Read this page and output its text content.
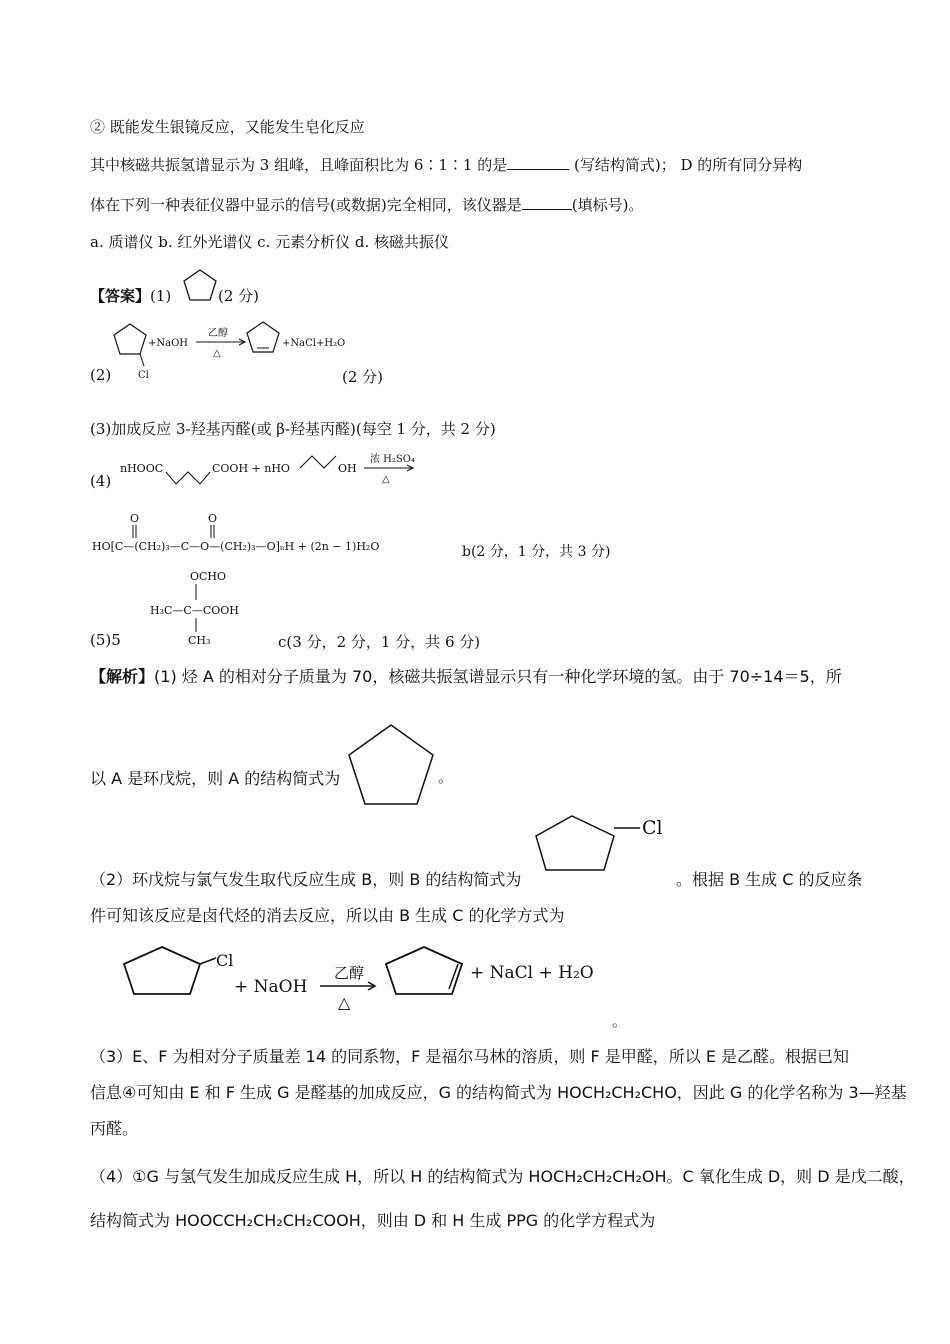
② 既能发生银镜反应，又能发生皂化反应
其中核磁共振氢谱显示为 3 组峰，且峰面积比为 6∶1∶1 的是	(写结构简式)； D 的所有同分异构
体在下列一种表征仪器中显示的信号(或数据)完全相同，该仪器是	(填标号)。
a. 质谱仪 b. 红外光谱仪 c. 元素分析仪 d. 核磁共振仪
【答案】(1)	(2 分)
Cl
+NaOH
乙醇
△
+NaCl+H₂O
(2)	(2 分)
(3)加成反应 3-羟基丙醛(或 β-羟基丙醛)(每空 1 分，共 2 分)
(4)
nHOOC	COOH + nHO	OH
浓 H₂SO₄
△
O	O
HO[C—(CH₂)₃—C—O—(CH₂)₃—O]ₙH + (2n − 1)H₂O	b(2 分，1 分，共 3 分)
OCHO
H₃C—C—COOH
CH₃
(5)5	c(3 分，2 分，1 分，共 6 分)
【解析】(1) 烃 A 的相对分子质量为 70，核磁共振氢谱显示只有一种化学环境的氢。由于 70÷14＝5，所
以 A 是环戊烷，则 A 的结构简式为	。
Cl
（2）环戊烷与氯气发生取代反应生成 B，则 B 的结构简式为	。根据 B 生成 C 的反应条
件可知该反应是卤代烃的消去反应，所以由 B 生成 C 的化学方式为
Cl
+ NaOH
乙醇
△
+ NaCl + H₂O
。
（3）E、F 为相对分子质量差 14 的同系物，F 是福尔马林的溶质，则 F 是甲醛，所以 E 是乙醛。根据已知
信息④可知由 E 和 F 生成 G 是醛基的加成反应，G 的结构简式为 HOCH₂CH₂CHO，因此 G 的化学名称为 3—羟基
丙醛。
（4）①G 与氢气发生加成反应生成 H，所以 H 的结构简式为 HOCH₂CH₂CH₂OH。C 氧化生成 D，则 D 是戊二酸，
结构简式为 HOOCCH₂CH₂CH₂COOH，则由 D 和 H 生成 PPG 的化学方程式为
